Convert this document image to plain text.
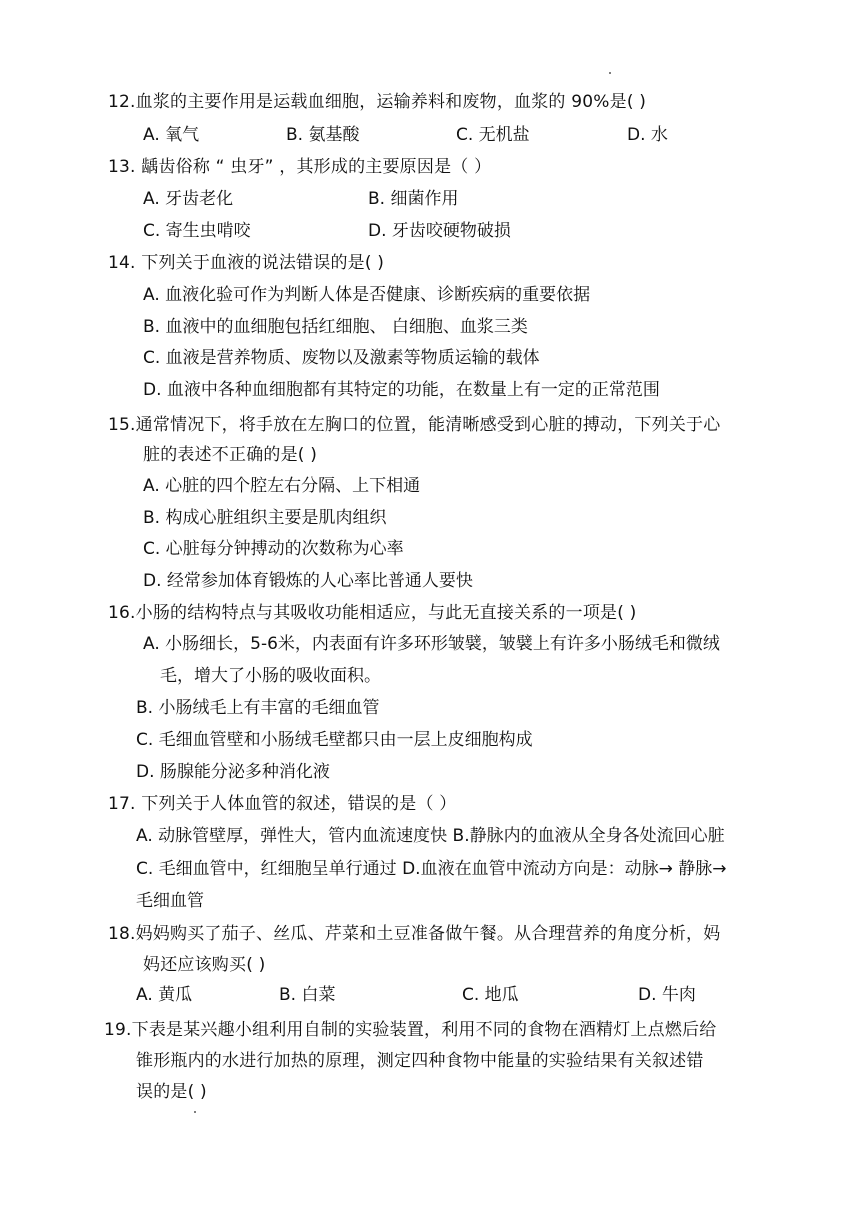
12.血浆的主要作用是运载血细胞，运输养料和废物，血浆的 90%是( )
A. 氧气	B. 氨基酸	C. 无机盐	D. 水
13. 龋齿俗称 “ 虫牙” ，其形成的主要原因是（ ）
A. 牙齿老化	B. 细菌作用
C. 寄生虫啃咬	D. 牙齿咬硬物破损
14. 下列关于血液的说法错误的是( )
A. 血液化验可作为判断人体是否健康、诊断疾病的重要依据
B. 血液中的血细胞包括红细胞、 白细胞、血浆三类
C. 血液是营养物质、废物以及激素等物质运输的载体
D. 血液中各种血细胞都有其特定的功能，在数量上有一定的正常范围
15.通常情况下，将手放在左胸口的位置，能清晰感受到心脏的搏动，下列关于心
脏的表述不正确的是( )
A. 心脏的四个腔左右分隔、上下相通
B. 构成心脏组织主要是肌肉组织
C. 心脏每分钟搏动的次数称为心率
D. 经常参加体育锻炼的人心率比普通人要快
16.小肠的结构特点与其吸收功能相适应，与此无直接关系的一项是( )
A. 小肠细长，5-6米，内表面有许多环形皱襞，皱襞上有许多小肠绒毛和微绒
毛，增大了小肠的吸收面积。
B. 小肠绒毛上有丰富的毛细血管
C. 毛细血管壁和小肠绒毛壁都只由一层上皮细胞构成
D. 肠腺能分泌多种消化液
17. 下列关于人体血管的叙述，错误的是（ ）
A. 动脉管壁厚，弹性大，管内血流速度快 B.静脉内的血液从全身各处流回心脏
C. 毛细血管中，红细胞呈单行通过 D.血液在血管中流动方向是：动脉→ 静脉→
毛细血管
18.妈妈购买了茄子、丝瓜、芹菜和土豆准备做午餐。从合理营养的角度分析，妈
妈还应该购买( )
A. 黄瓜	B. 白菜	C. 地瓜	D. 牛肉
19.下表是某兴趣小组利用自制的实验装置，利用不同的食物在酒精灯上点燃后给
锥形瓶内的水进行加热的原理，测定四种食物中能量的实验结果有关叙述错
误的是( )
